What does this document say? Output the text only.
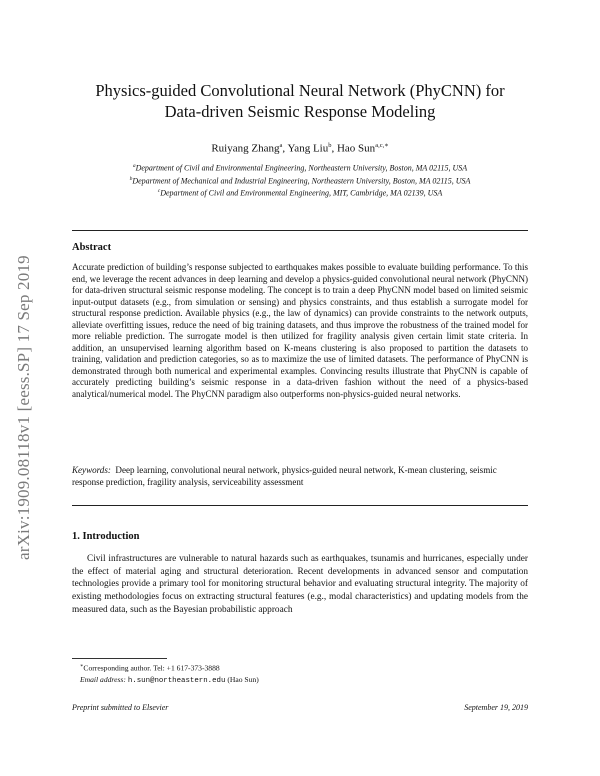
arXiv:1909.08118v1 [eess.SP] 17 Sep 2019
Physics-guided Convolutional Neural Network (PhyCNN) for
Data-driven Seismic Response Modeling
Ruiyang Zhang$^a$, Yang Liu$^b$, Hao Sun$^{a,c,∗}$
$^a$Department of Civil and Environmental Engineering, Northeastern University, Boston, MA 02115, USA
$^b$Department of Mechanical and Industrial Engineering, Northeastern University, Boston, MA 02115, USA
$^c$Department of Civil and Environmental Engineering, MIT, Cambridge, MA 02139, USA
Abstract
Accurate prediction of building’s response subjected to earthquakes makes possible to evaluate building performance. To this end, we leverage the recent advances in deep learning and develop a physics-guided convolutional neural network (PhyCNN) for data-driven structural seismic response modeling. The concept is to train a deep PhyCNN model based on limited seismic input-output datasets (e.g., from simulation or sensing) and physics constraints, and thus establish a surrogate model for structural response prediction. Available physics (e.g., the law of dynamics) can provide constraints to the network outputs, alleviate overfitting issues, reduce the need of big training datasets, and thus improve the robustness of the trained model for more reliable prediction. The surrogate model is then utilized for fragility analysis given certain limit state criteria. In addition, an unsupervised learning algorithm based on K-means clustering is also proposed to partition the datasets to training, validation and prediction categories, so as to maximize the use of limited datasets. The performance of PhyCNN is demonstrated through both numerical and experimental examples. Convincing results illustrate that PhyCNN is capable of accurately predicting building’s seismic response in a data-driven fashion without the need of a physics-based analytical/numerical model. The PhyCNN paradigm also outperforms non-physics-guided neural networks.
Keywords: Deep learning, convolutional neural network, physics-guided neural network, K-mean clustering, seismic response prediction, fragility analysis, serviceability assessment
1. Introduction
Civil infrastructures are vulnerable to natural hazards such as earthquakes, tsunamis and hurricanes, especially under the effect of material aging and structural deterioration. Recent developments in advanced sensor and computation technologies provide a primary tool for monitoring structural behavior and evaluating structural integrity. The majority of existing methodologies focus on extracting structural features (e.g., modal characteristics) and updating models from the measured data, such as the Bayesian probabilistic approach
∗Corresponding author. Tel: +1 617-373-3888
Email address: h.sun@northeastern.edu (Hao Sun)
Preprint submitted to Elsevier	September 19, 2019
